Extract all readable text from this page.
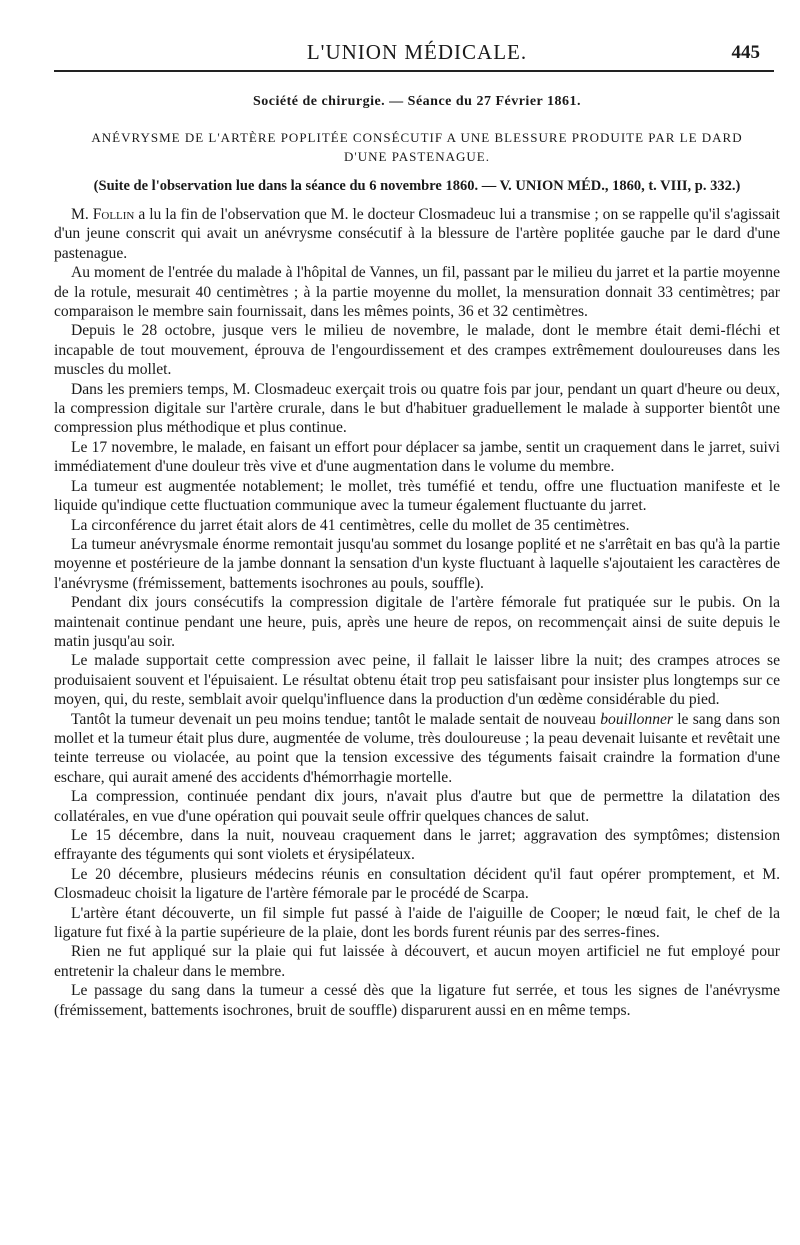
L'UNION MÉDICALE.	445
Société de chirurgie. — Séance du 27 Février 1861.
ANÉVRYSME DE L'ARTÈRE POPLITÉE CONSÉCUTIF A UNE BLESSURE PRODUITE PAR LE DARD
D'UNE PASTENAGUE.
(Suite de l'observation lue dans la séance du 6 novembre 1860. — V. UNION MÉD., 1860, t. VIII, p. 332.)

M. Follin a lu la fin de l'observation que M. le docteur Closmadeuc lui a transmise ; on se rappelle qu'il s'agissait d'un jeune conscrit qui avait un anévrysme consécutif à la blessure de l'artère poplitée gauche par le dard d'une pastenague.

Au moment de l'entrée du malade à l'hôpital de Vannes, un fil, passant par le milieu du jarret et la partie moyenne de la rotule, mesurait 40 centimètres ; à la partie moyenne du mollet, la mensuration donnait 33 centimètres; par comparaison le membre sain fournissait, dans les mêmes points, 36 et 32 centimètres.

Depuis le 28 octobre, jusque vers le milieu de novembre, le malade, dont le membre était demi-fléchi et incapable de tout mouvement, éprouva de l'engourdissement et des crampes extrêmement douloureuses dans les muscles du mollet.

Dans les premiers temps, M. Closmadeuc exerçait trois ou quatre fois par jour, pendant un quart d'heure ou deux, la compression digitale sur l'artère crurale, dans le but d'habituer graduellement le malade à supporter bientôt une compression plus méthodique et plus continue.

Le 17 novembre, le malade, en faisant un effort pour déplacer sa jambe, sentit un craquement dans le jarret, suivi immédiatement d'une douleur très vive et d'une augmentation dans le volume du membre.

La tumeur est augmentée notablement; le mollet, très tuméfié et tendu, offre une fluctuation manifeste et le liquide qu'indique cette fluctuation communique avec la tumeur également fluctuante du jarret.

La circonférence du jarret était alors de 41 centimètres, celle du mollet de 35 centimètres.

La tumeur anévrysmale énorme remontait jusqu'au sommet du losange poplité et ne s'arrêtait en bas qu'à la partie moyenne et postérieure de la jambe donnant la sensation d'un kyste fluctuant à laquelle s'ajoutaient les caractères de l'anévrysme (frémissement, battements isochrones au pouls, souffle).

Pendant dix jours consécutifs la compression digitale de l'artère fémorale fut pratiquée sur le pubis. On la maintenait continue pendant une heure, puis, après une heure de repos, on recommençait ainsi de suite depuis le matin jusqu'au soir.

Le malade supportait cette compression avec peine, il fallait le laisser libre la nuit; des crampes atroces se produisaient souvent et l'épuisaient. Le résultat obtenu était trop peu satisfaisant pour insister plus longtemps sur ce moyen, qui, du reste, semblait avoir quelqu'influence dans la production d'un œdème considérable du pied.

Tantôt la tumeur devenait un peu moins tendue; tantôt le malade sentait de nouveau bouillonner le sang dans son mollet et la tumeur était plus dure, augmentée de volume, très douloureuse ; la peau devenait luisante et revêtait une teinte terreuse ou violacée, au point que la tension excessive des téguments faisait craindre la formation d'une eschare, qui aurait amené des accidents d'hémorrhagie mortelle.

La compression, continuée pendant dix jours, n'avait plus d'autre but que de permettre la dilatation des collatérales, en vue d'une opération qui pouvait seule offrir quelques chances de salut.

Le 15 décembre, dans la nuit, nouveau craquement dans le jarret; aggravation des symptômes; distension effrayante des téguments qui sont violets et érysipélateux.

Le 20 décembre, plusieurs médecins réunis en consultation décident qu'il faut opérer promptement, et M. Closmadeuc choisit la ligature de l'artère fémorale par le procédé de Scarpa.

L'artère étant découverte, un fil simple fut passé à l'aide de l'aiguille de Cooper; le nœud fait, le chef de la ligature fut fixé à la partie supérieure de la plaie, dont les bords furent réunis par des serres-fines.

Rien ne fut appliqué sur la plaie qui fut laissée à découvert, et aucun moyen artificiel ne fut employé pour entretenir la chaleur dans le membre.

Le passage du sang dans la tumeur a cessé dès que la ligature fut serrée, et tous les signes de l'anévrysme (frémissement, battements isochrones, bruit de souffle) disparurent aussi en en même temps.
